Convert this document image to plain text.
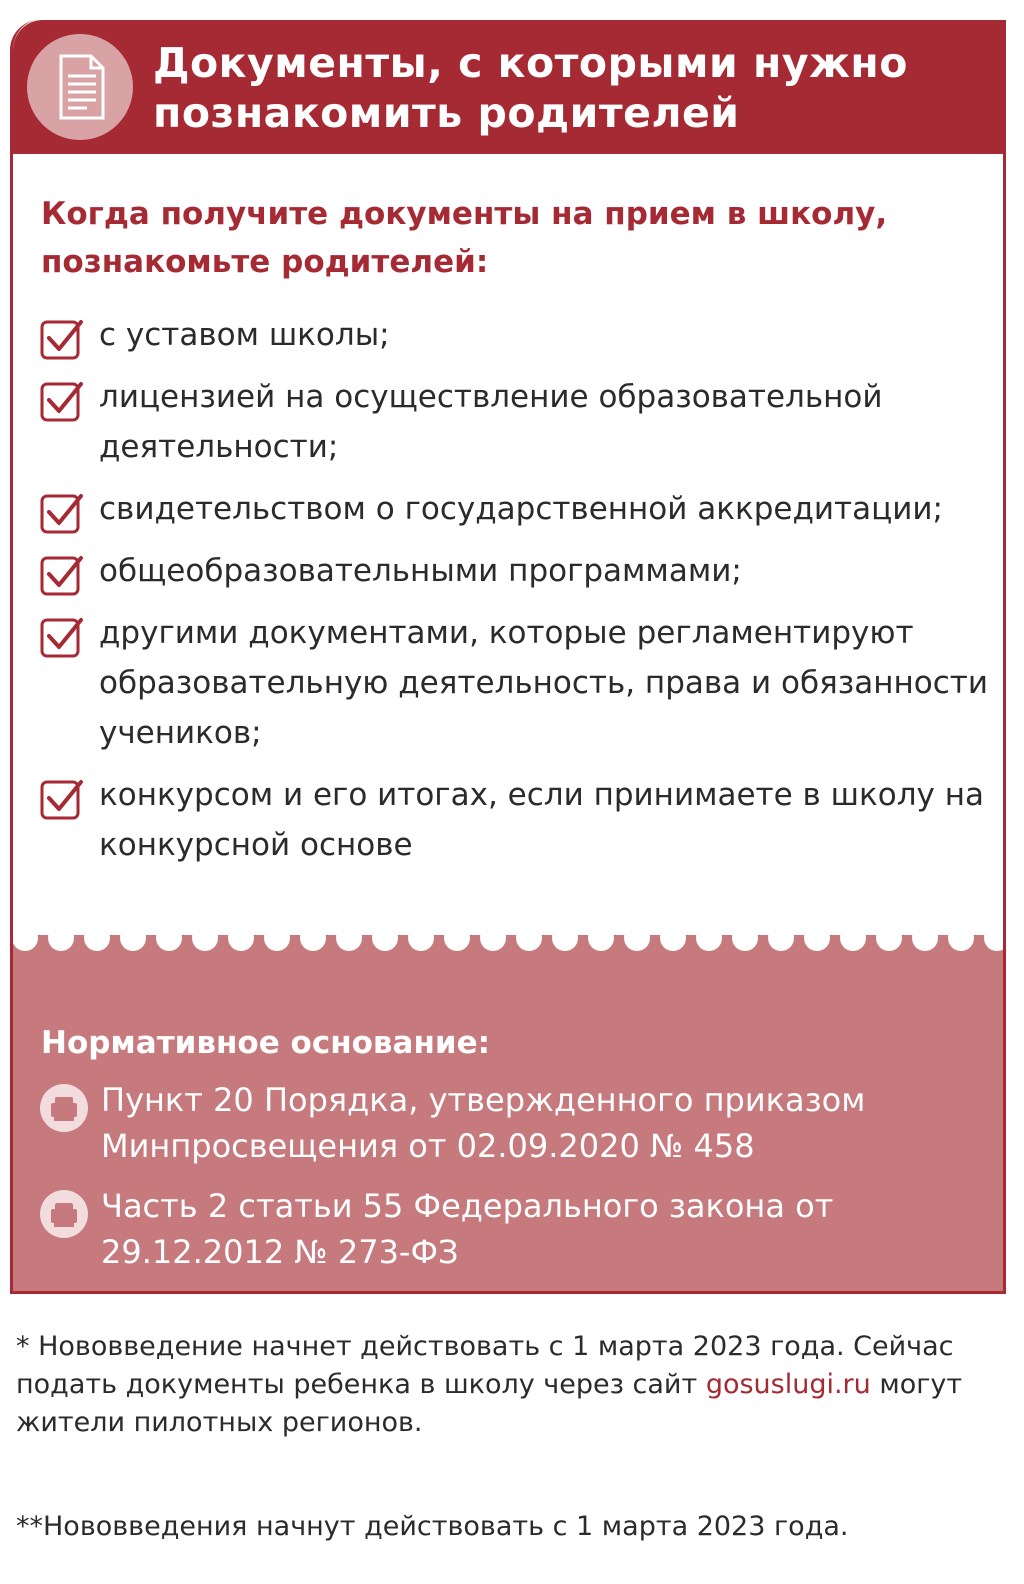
Документы, с которыми нужно познакомить родителей

Когда получите документы на прием в школу, познакомьте родителей:

с уставом школы;
лицензией на осуществление образовательной деятельности;
свидетельством о государственной аккредитации;
общеобразовательными программами;
другими документами, которые регламентируют образовательную деятельность, права и обязанности учеников;
конкурсом и его итогах, если принимаете в школу на конкурсной основе

Нормативное основание:

Пункт 20 Порядка, утвержденного приказом Минпросвещения от 02.09.2020 № 458
Часть 2 статьи 55 Федерального закона от 29.12.2012 № 273-ФЗ

* Нововведение начнет действовать с 1 марта 2023 года. Сейчас подать документы ребенка в школу через сайт gosuslugi.ru могут жители пилотных регионов.

**Нововведения начнут действовать с 1 марта 2023 года.
